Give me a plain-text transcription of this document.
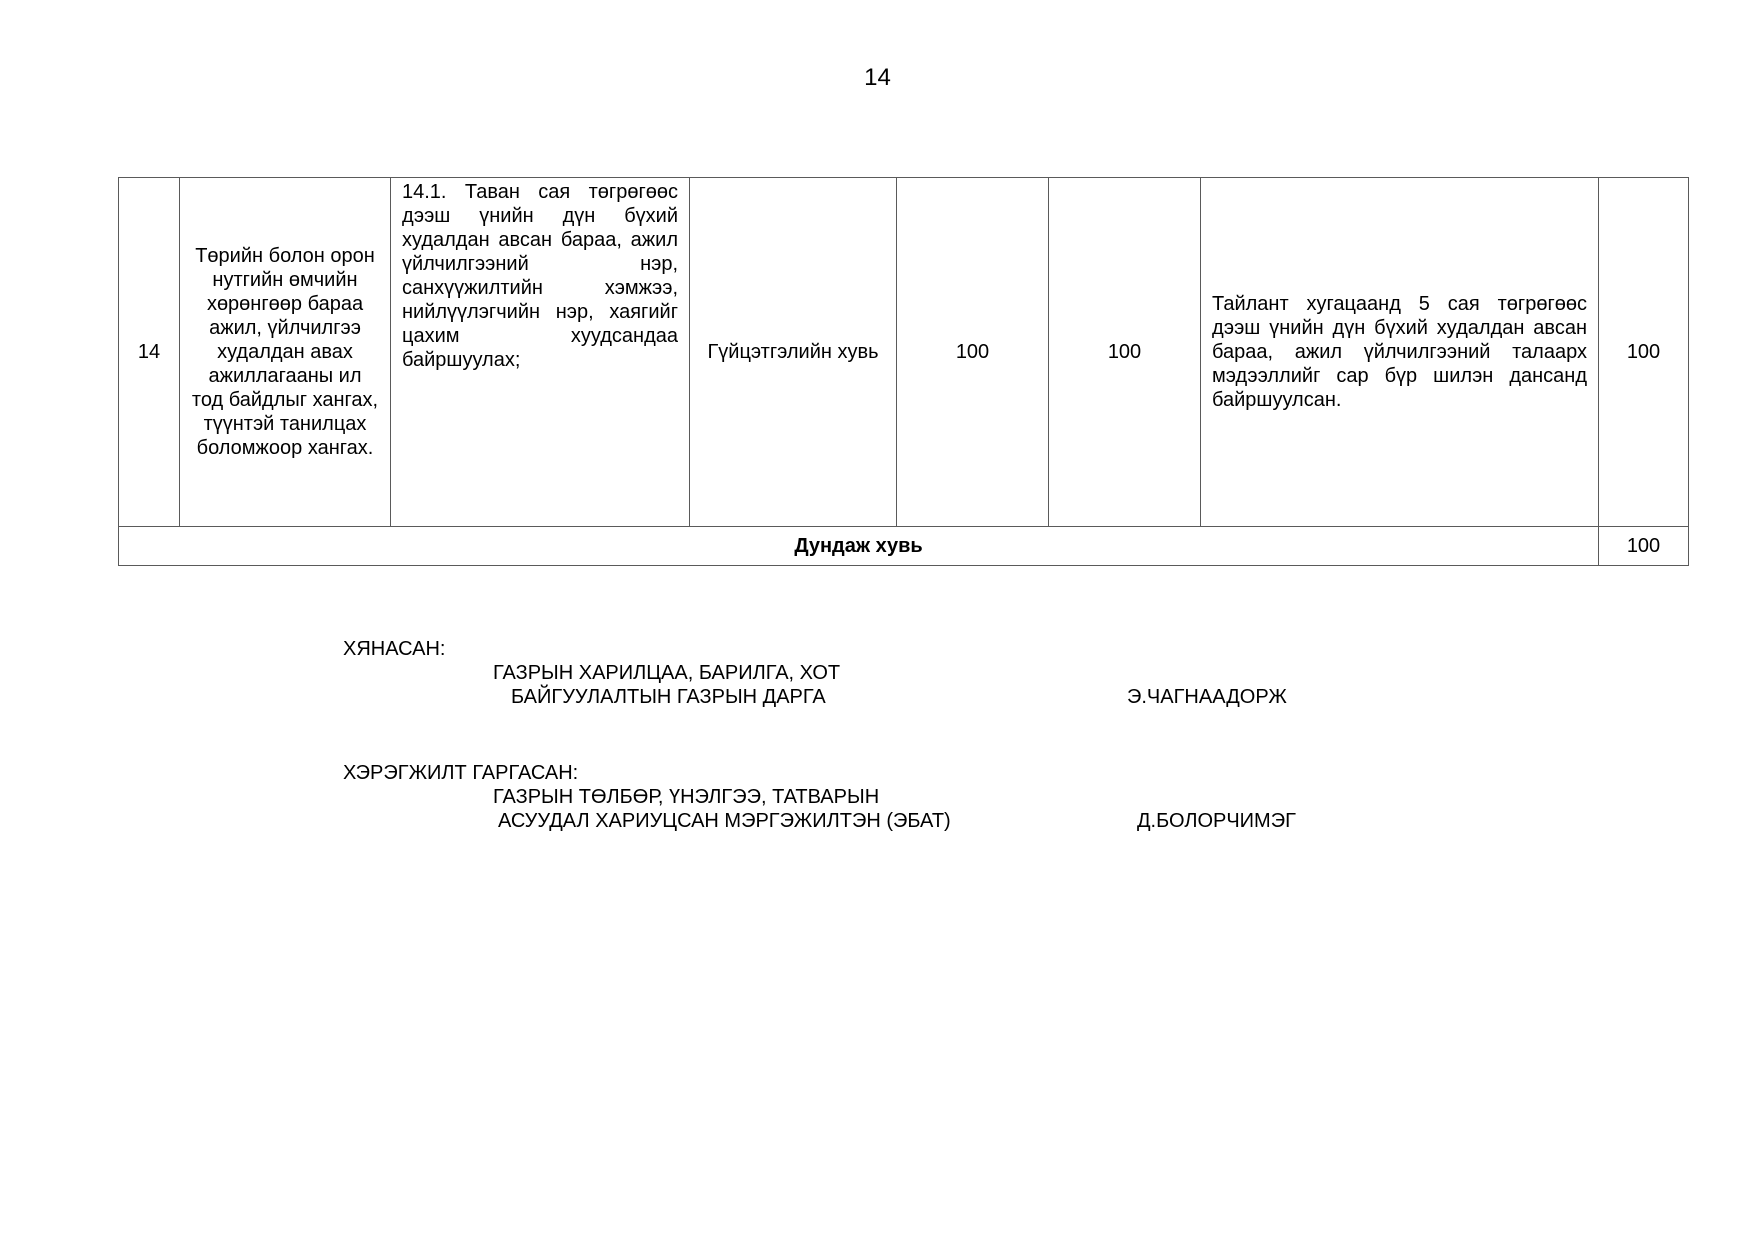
14
14	Төрийн болон орон нутгийн өмчийн хөрөнгөөр бараа ажил, үйлчилгээ худалдан авах ажиллагааны ил тод байдлыг хангах, түүнтэй танилцах боломжоор хангах.	14.1. Таван сая төгрөгөөс дээш үнийн дүн бүхий худалдан авсан бараа, ажил үйлчилгээний нэр, санхүүжилтийн хэмжээ, нийлүүлэгчийн нэр, хаягийг цахим хуудсандаа байршуулах;	Гүйцэтгэлийн хувь	100	100	Тайлант хугацаанд 5 сая төгрөгөөс дээш үнийн дүн бүхий худалдан авсан бараа, ажил үйлчилгээний талаарх мэдээллийг сар бүр шилэн дансанд байршуулсан.	100
Дундаж хувь							100
ХЯНАСАН:
ГАЗРЫН ХАРИЛЦАА, БАРИЛГА, ХОТ
БАЙГУУЛАЛТЫН ГАЗРЫН ДАРГА	Э.ЧАГНААДОРЖ
ХЭРЭГЖИЛТ ГАРГАСАН:
ГАЗРЫН ТӨЛБӨР, ҮНЭЛГЭЭ, ТАТВАРЫН
АСУУДАЛ ХАРИУЦСАН МЭРГЭЖИЛТЭН (ЭБАТ)	Д.БОЛОРЧИМЭГ
